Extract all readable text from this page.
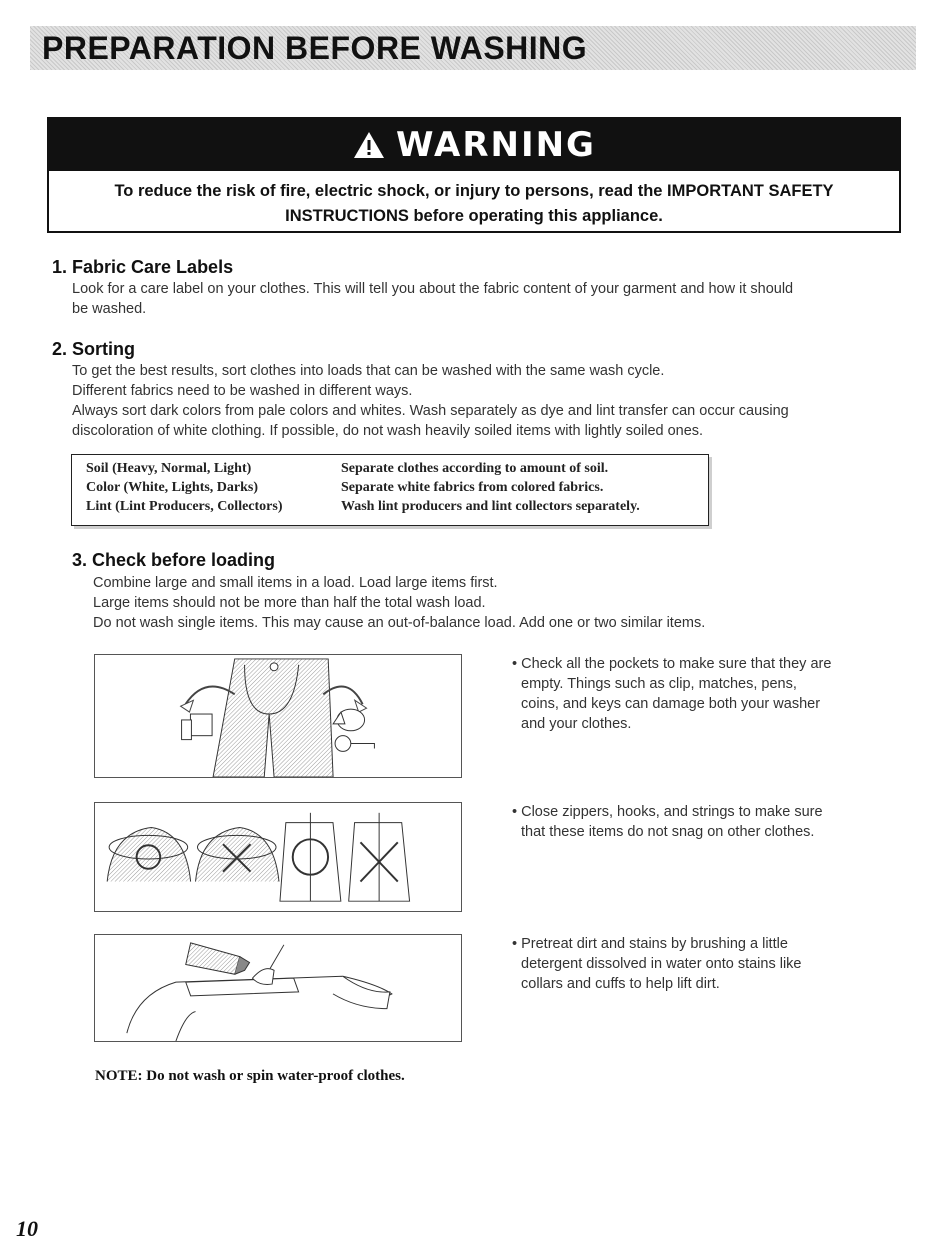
PREPARATION BEFORE WASHING
WARNING
To reduce the risk of fire, electric shock, or injury to persons, read the IMPORTANT SAFETY
INSTRUCTIONS before operating this appliance.
1. Fabric Care Labels
Look for a care label on your clothes. This will tell you about the fabric content of your garment and how it should
be washed.
2. Sorting
To get the best results, sort clothes into loads that can be washed with the same wash cycle.
Different fabrics need to be washed in different ways.
Always sort dark colors from pale colors and whites. Wash separately as dye and lint transfer can occur causing
discoloration of white clothing. If possible, do not wash heavily soiled items with lightly soiled ones.
Soil (Heavy, Normal, Light)	Separate clothes according to amount of soil.
Color (White, Lights, Darks)	Separate white fabrics from colored fabrics.
Lint (Lint Producers, Collectors)	Wash lint producers and lint collectors separately.
3. Check before loading
Combine large and small items in a load. Load large items first.
Large items should not be more than half the total wash load.
Do not wash single items. This may cause an out-of-balance load. Add one or two similar items.
• Check all the pockets to make sure that they are
empty. Things such as clip, matches, pens,
coins, and keys can damage both your washer
and your clothes.
• Close zippers, hooks, and strings to make sure
that these items do not snag on other clothes.
• Pretreat dirt and stains by brushing a little
detergent dissolved in water onto stains like
collars and cuffs to help lift dirt.
NOTE: Do not wash or spin water-proof clothes.
10
